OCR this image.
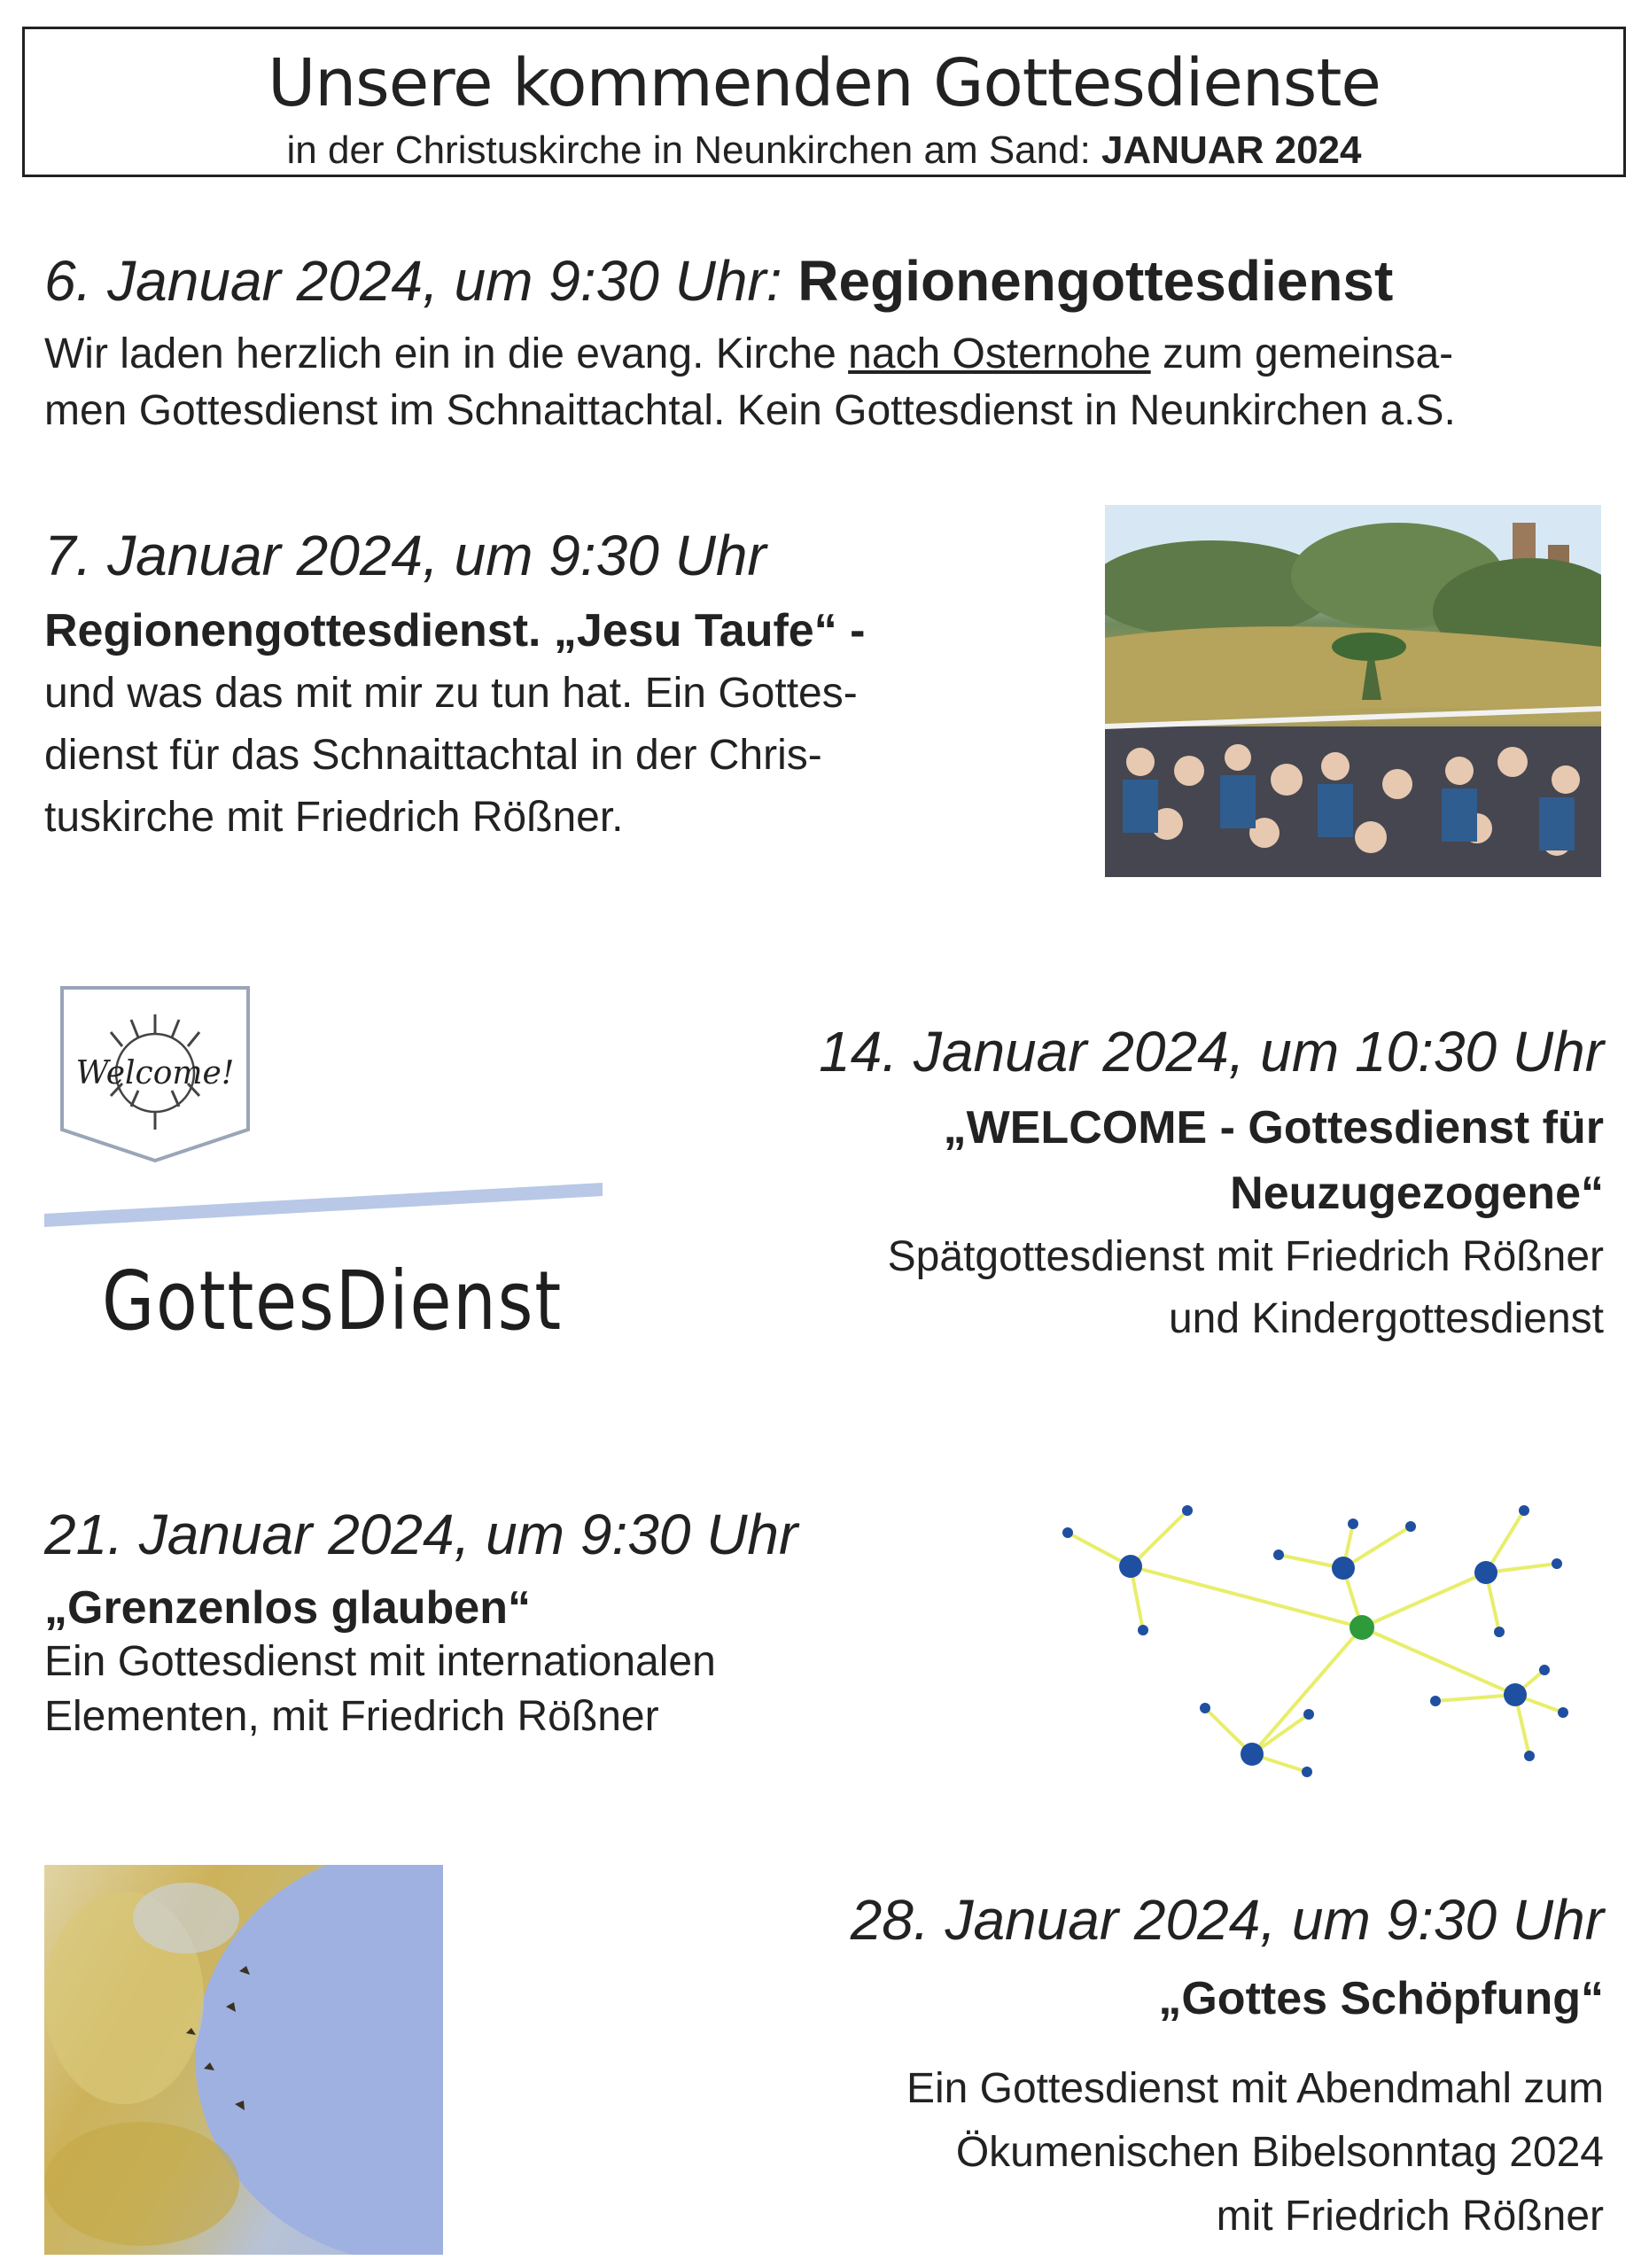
Unsere kommenden Gottesdienste
in der Christuskirche in Neunkirchen am Sand: JANUAR 2024
6. Januar 2024, um 9:30 Uhr: Regionengottesdienst
Wir laden herzlich ein in die evang. Kirche nach Osternohe zum gemeinsa-
men Gottesdienst im Schnaittachtal. Kein Gottesdienst in Neunkirchen a.S.
7. Januar 2024, um 9:30 Uhr
Regionengottesdienst. „Jesu Taufe“ -
und was das mit mir zu tun hat. Ein Gottes-
dienst für das Schnaittachtal in der Chris-
tuskirche mit Friedrich Rößner.
Welcome!
GottesDienst
14. Januar 2024, um 10:30 Uhr
„WELCOME - Gottesdienst für
Neuzugezogene“
Spätgottesdienst mit Friedrich Rößner
und Kindergottesdienst
21. Januar 2024, um 9:30 Uhr
„Grenzenlos glauben“
Ein Gottesdienst mit internationalen
Elementen, mit Friedrich Rößner
28. Januar 2024, um 9:30 Uhr
„Gottes Schöpfung“
Ein Gottesdienst mit Abendmahl zum
Ökumenischen Bibelsonntag 2024
mit Friedrich Rößner
